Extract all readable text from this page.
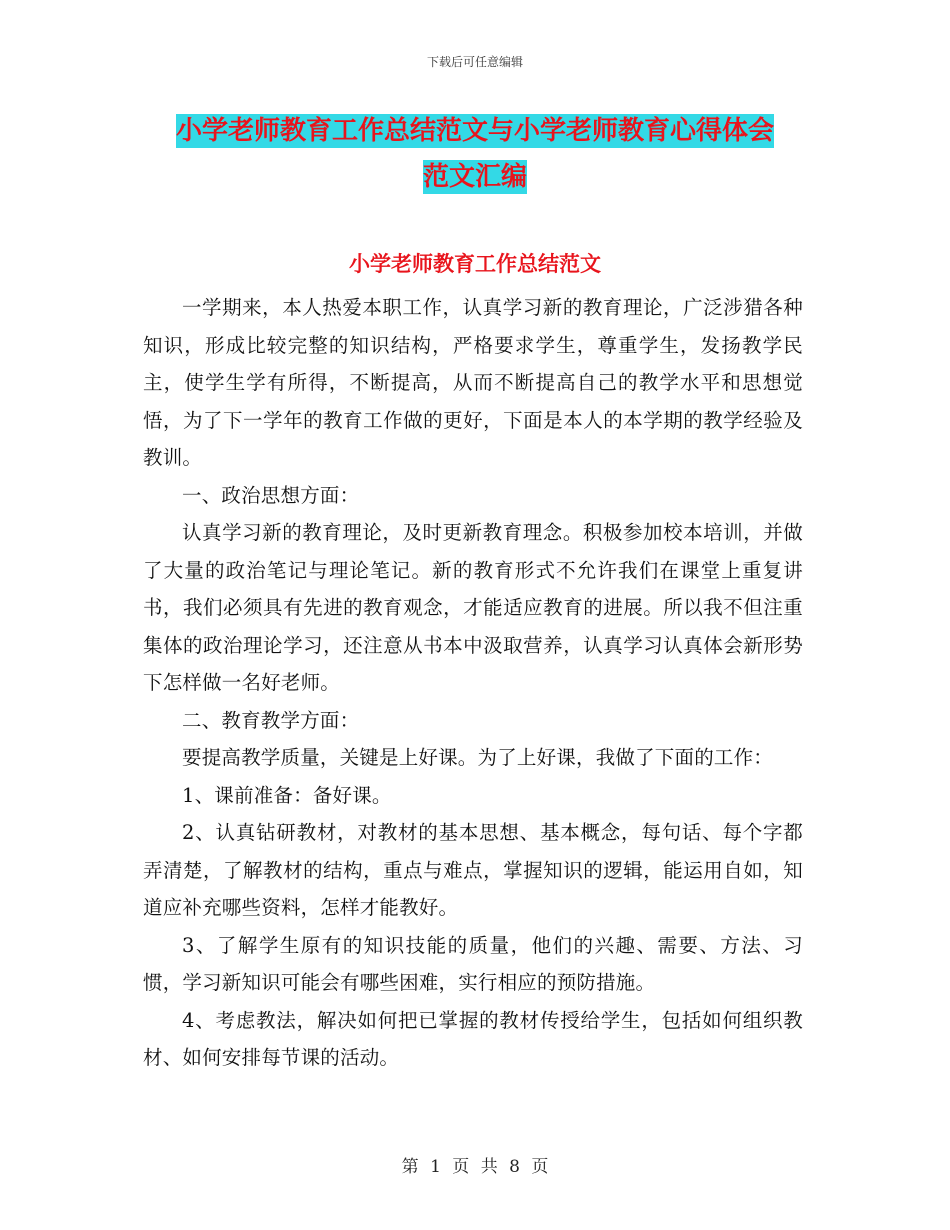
下载后可任意编辑
小学老师教育工作总结范文与小学老师教育心得体会
范文汇编
小学老师教育工作总结范文

一学期来，本人热爱本职工作，认真学习新的教育理论，广泛涉猎各种知识，形成比较完整的知识结构，严格要求学生，尊重学生，发扬教学民主，使学生学有所得，不断提高，从而不断提高自己的教学水平和思想觉悟，为了下一学年的教育工作做的更好，下面是本人的本学期的教学经验及教训。

一、政治思想方面：

认真学习新的教育理论，及时更新教育理念。积极参加校本培训，并做了大量的政治笔记与理论笔记。新的教育形式不允许我们在课堂上重复讲书，我们必须具有先进的教育观念，才能适应教育的进展。所以我不但注重集体的政治理论学习，还注意从书本中汲取营养，认真学习认真体会新形势下怎样做一名好老师。

二、教育教学方面：

要提高教学质量，关键是上好课。为了上好课，我做了下面的工作：

1、课前准备：备好课。

2、认真钻研教材，对教材的基本思想、基本概念，每句话、每个字都弄清楚，了解教材的结构，重点与难点，掌握知识的逻辑，能运用自如，知道应补充哪些资料，怎样才能教好。

3、了解学生原有的知识技能的质量，他们的兴趣、需要、方法、习惯，学习新知识可能会有哪些困难，实行相应的预防措施。

4、考虑教法，解决如何把已掌握的教材传授给学生，包括如何组织教材、如何安排每节课的活动。

第 1 页 共 8 页
